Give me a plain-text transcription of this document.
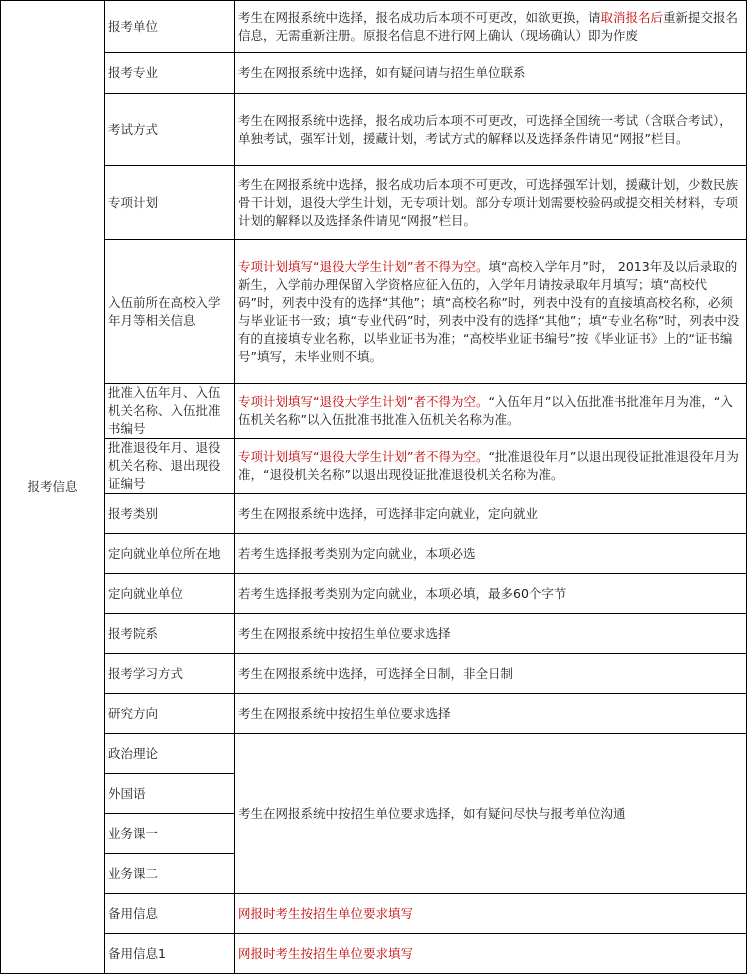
报考信息	报考单位	考生在网报系统中选择，报名成功后本项不可更改，如欲更换，请取消报名后重新提交报名信息，无需重新注册。原报名信息不进行网上确认（现场确认）即为作废
	报考专业	考生在网报系统中选择，如有疑问请与招生单位联系
	考试方式	考生在网报系统中选择，报名成功后本项不可更改，可选择全国统一考试（含联合考试），单独考试，强军计划，援藏计划，考试方式的解释以及选择条件请见“网报”栏目。
	专项计划	考生在网报系统中选择，报名成功后本项不可更改，可选择强军计划，援藏计划，少数民族骨干计划，退役大学生计划，无专项计划。部分专项计划需要校验码或提交相关材料，专项计划的解释以及选择条件请见“网报”栏目。
	入伍前所在高校入学年月等相关信息	专项计划填写“退役大学生计划”者不得为空。填“高校入学年月”时， 2013年及以后录取的新生，入学前办理保留入学资格应征入伍的，入学年月请按录取年月填写；填“高校代码”时，列表中没有的选择“其他”；填“高校名称”时，列表中没有的直接填高校名称，必须与毕业证书一致；填“专业代码”时，列表中没有的选择“其他”；填“专业名称”时，列表中没有的直接填专业名称，以毕业证书为准；“高校毕业证书编号”按《毕业证书》上的“证书编号”填写，未毕业则不填。
	批准入伍年月、入伍机关名称、入伍批准书编号	专项计划填写“退役大学生计划”者不得为空。“入伍年月”以入伍批准书批准年月为准，“入伍机关名称”以入伍批准书批准入伍机关名称为准。
	批准退役年月、退役机关名称、退出现役证编号	专项计划填写“退役大学生计划”者不得为空。“批准退役年月”以退出现役证批准退役年月为准，“退役机关名称”以退出现役证批准退役机关名称为准。
	报考类别	考生在网报系统中选择，可选择非定向就业，定向就业
	定向就业单位所在地	若考生选择报考类别为定向就业，本项必选
	定向就业单位	若考生选择报考类别为定向就业，本项必填，最多60个字节
	报考院系	考生在网报系统中按招生单位要求选择
	报考学习方式	考生在网报系统中选择，可选择全日制，非全日制
	研究方向	考生在网报系统中按招生单位要求选择
	政治理论	考生在网报系统中按招生单位要求选择，如有疑问尽快与报考单位沟通
	外国语	
	业务课一	
	业务课二	
	备用信息	网报时考生按招生单位要求填写
	备用信息1	网报时考生按招生单位要求填写
